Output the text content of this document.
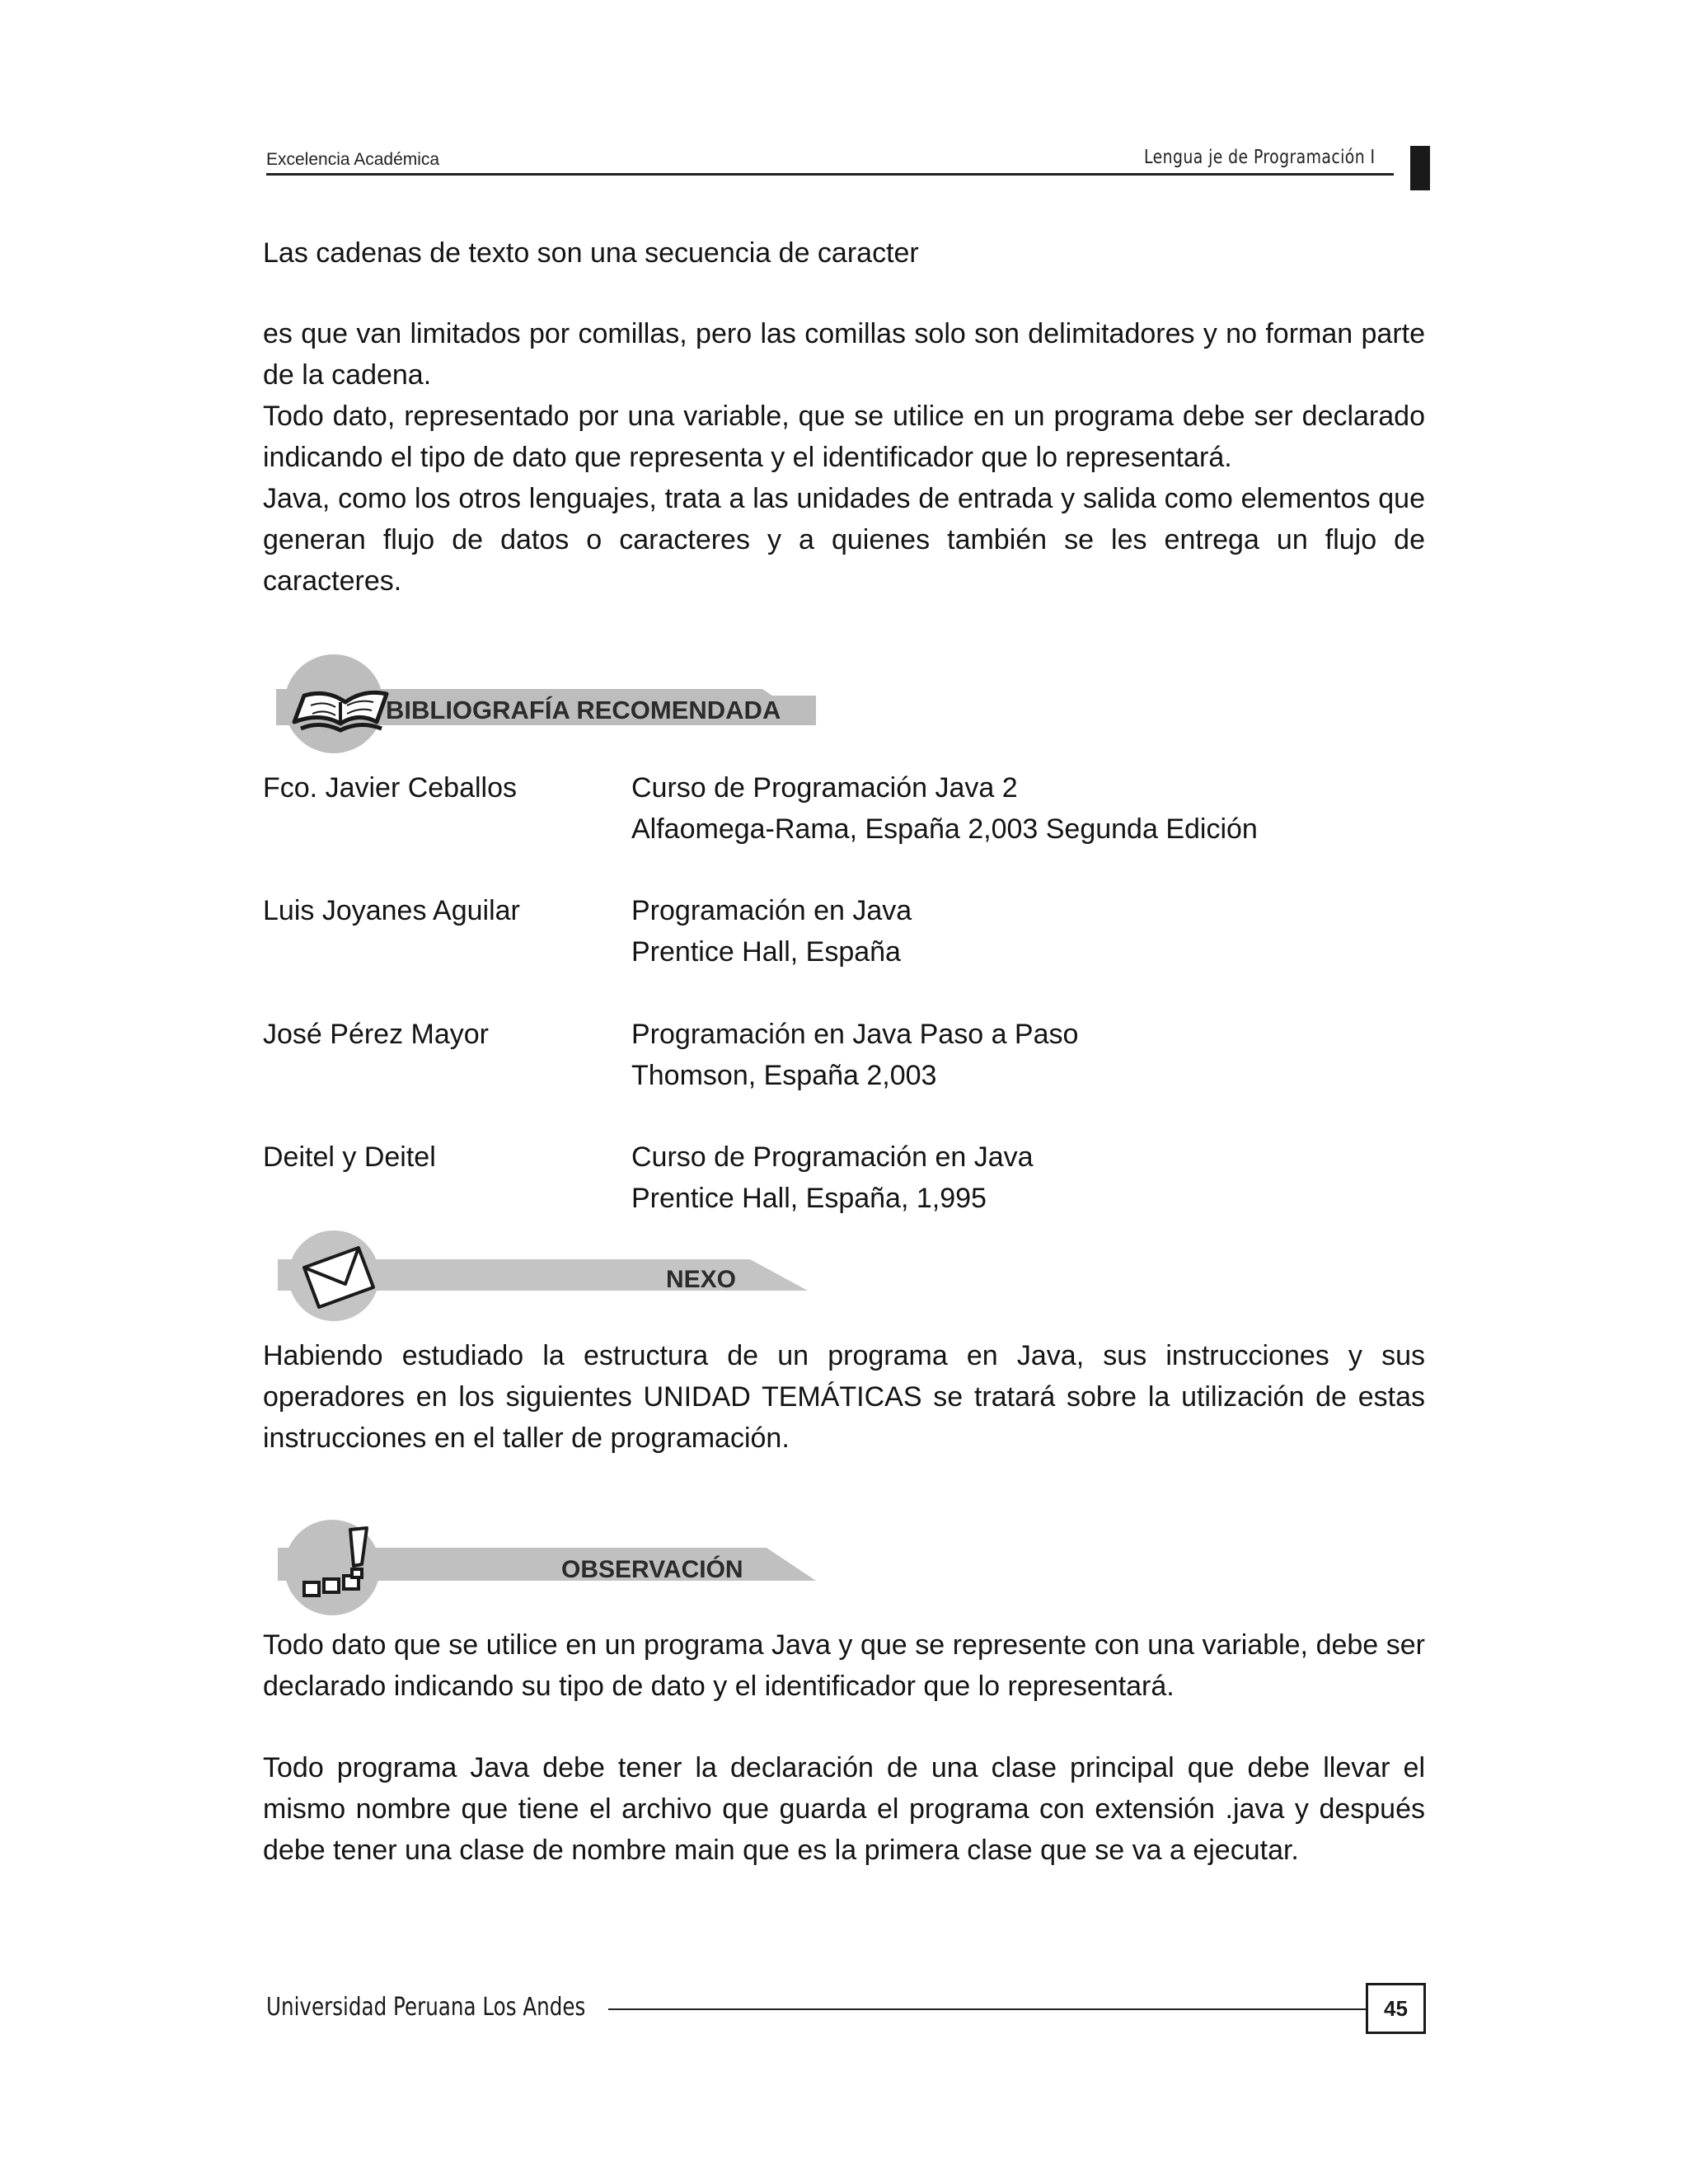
Excelencia Académica	Lengua je de Programación I

Las cadenas de texto son una secuencia de caracter

es que van limitados por comillas, pero las comillas solo son delimitadores y no forman parte de la cadena.

Todo dato, representado por una variable, que se utilice en un programa debe ser declarado indicando el tipo de dato que representa y el identificador que lo representará.

Java, como los otros lenguajes, trata a las unidades de entrada y salida como elementos que generan flujo de datos o caracteres y a quienes también se les entrega un flujo de caracteres.

BIBLIOGRAFÍA RECOMENDADA
Fco. Javier Ceballos	Curso de Programación Java 2
Alfaomega-Rama, España 2,003 Segunda Edición
Luis Joyanes Aguilar	Programación en Java
Prentice Hall, España
José Pérez Mayor	Programación en Java Paso a Paso
Thomson, España 2,003
Deitel y Deitel	Curso de Programación en Java
Prentice Hall, España, 1,995
NEXO

Habiendo estudiado la estructura de un programa en Java, sus instrucciones y sus operadores en los siguientes UNIDAD TEMÁTICAS se tratará sobre la utilización de estas instrucciones en el taller de programación.

OBSERVACIÓN

Todo dato que se utilice en un programa Java y que se represente con una variable, debe ser declarado indicando su tipo de dato y el identificador que lo representará.

Todo programa Java debe tener la declaración de una clase principal que debe llevar el mismo nombre que tiene el archivo que guarda el programa con extensión .java y después debe tener una clase de nombre main que es la primera clase que se va a ejecutar.

Universidad Peruana Los Andes	45
